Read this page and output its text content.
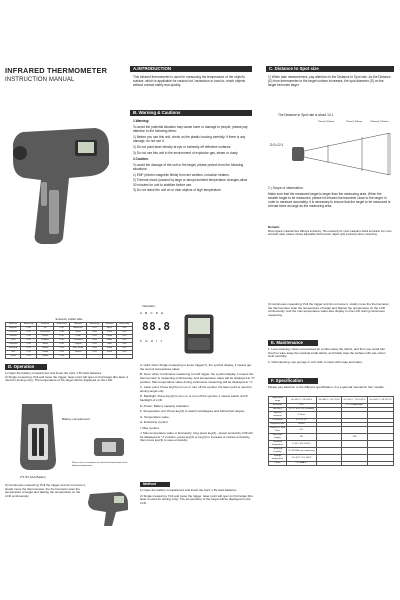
INFRARED THERMOMETER
INSTRUCTION MANUAL
Emissivity publish table
Material	Emissivity	Material	Emissivity	Material	Emissivity	Material	Emissivity
Asphalt	0.90	Ice	0.98	Asbestos	0.95	Brick	0.90
Concrete	0.95	Limestone	0.98	Glass	0.85	Paint	0.93
Cement	0.96	Plastic	0.95	Cloth	0.95	Paper	0.95
Coal	0.85	Rubber	0.95	Ceramics	0.95	Water	0.93
Concrete	0.95	Sand	0.90	Copper	0.95	Skin	0.98
Bitumen	0.94	Stone	0.93	Iron Oxide	0.95	Snow	0.90
Soil	0.94	Textile	0.94	Gravel	0.95	Paint	0.93
Food	0.93	Wood	0.94				
D. Operation

1) Open the battery compartment and insert the 2pcs 1.5V AAA batteries.

2) Single measuring: Pull and loose the trigger, laser point will open to find target (the laser is used for aiming only). The temperature of the target will be displayed on the LCD.

Battery compartment
2*1.5V AAA Battery
Please use a screwdriver to rotate the bottom knob of the battery compartment
3) Continuous measuring: Pull the trigger and do not loose it, slowly move the thermometer, the thermometer scan the temperature of target and display the temperature on the LCD continuously.
A.INTRODUCTION
This infrared thermometer is used for measuring the temperature of the object's surface, which is applicable for various hot, hazardous or hard-to- reach objects without contact safely and quickly.
B. Warning & Cautions

1.Warning:

To avoid the potential situation may cause harm or damage to people, please pay attention to the following items:

1) Before you use this unit, check on the plastic housing carefully. If there is any damage, do not use it.

2) Do not point laser directly at eye or indirectly off reflective surfaces.

3) Do not use this unit in the environment of explosive gas, steam or dusty.

2.Caution:

To avoid the damage of the unit or the target, please protect from the following situations:

1) EMF (electro-magnetic fields) from arc welders, induction heaters.

2) Thermal shock (caused by large or abrupt ambient temperature changes-allow 30 minutes for unit to stabilize before use.

3) Do not leave the unit on or near objects of high temperature

Indication:
A B C D E
88.8
F G H I J

A. Hold: when Single measuring to loose trigger(?), the symbol display, it means get the current temperature value.

B. Scan: when Continuous measuring to hold trigger, the symbol display, it means the thermometer is measuring continuously. And temperature value will be displayed at "C" position, Max temperature value during continuous measuring will be displayed at "J".

C. Laser point: Press key(S) turn on or turn off the symbol, the laser point is used for aiming target only.

D. Backlight: Press key(4) to turn on or turn off the symbol, it means switch on/off backlight of LCD.

E. Power: Battery capacity indication.

F. Temperature unit: Press key(3) to switch centidegree and Fahrenheit degree.

G. Temperature value.

H. Emissivity symbol.

I. Max symbol.

J. Max temperature value or Emissivity: long press key(2)...preset emissivity 0.95 will be displayed at "J" position, press key(2) or key(4) to increase or reduce emissivity, then press key(3) to save emissivity.

Method

1) Open the battery compartment and insert the 2pcs 1.5V AAA batteries.

2) Single measuring: Pull and loose the trigger, laser point will open to find target (the laser is used for aiming only). The temperature of the target will be displayed on the LCD.

C. Distance to Spot size
1) When take measurement, pay attention to the Distance to Spot rate. As the Distance (D) from thermometer to the target surface increases, the spot diameter (S) on the target becomes larger.
The Distance to Spot rate is about 12:1
D:S=12:1
25mm@ 300mm	75mm@ 900mm	100mm@ 1200mm
2 ) Scope of observation:
Make sure that the measured target is larger than the measuring area. When the smaller target to be measured, please let infrared thermometer close to the target. In order to measure accurately, it is necessary to ensure that the target to be measured is at least twice as large as the measuring area.
Remark:
Most organic material have different emissivity. The emissivity for most material is listed as bellow. For more accurate value, please choose adjustable thermometer. adjust right emissivity when measuring.
3) Continuous measuring: Pull the trigger and do not loose it, slowly move the thermometer, the thermometer scan the temperature of target and display the temperature on the LCD continuously. And the max temperature value also display on the LCD during continuous measuring.
E. Maintenance

1. Lens cleaning: clean compressed air to blow away the debris, and then use small hair brush to wipe away the residual small debris, and finally wipe the surface with wet cotton cloth carefully;

2. shell cleaning: use sponge or soft cloth to clean with soap and water.

F. Specification
Please pay attention to the different specification. It is a general manual for four models.
Temperature range	-50~330°C / -58~626°F	-50~380°C / -58~716°F	-50~550°C / -58~1022°F	-50~600°C / -58~1112°F
Emissivity	0.95		0.1-1.0 Adjustable	
Accuracy	±1.5°C or ±1.5% of reading			
Spectral response	8~14um			
Resolution	0.1°C/0.1°F			
Response time	500ms			
Distance to Spot Rate	12:1			
Max value display	NO		YES	
Operating temperature	0~40°C (32~104°F)			
Operating humidity	10~95%RH non-condensing			
Storage temperature	-10~60°C / 14~140°F			
Power	1.5V AAA x 2			
